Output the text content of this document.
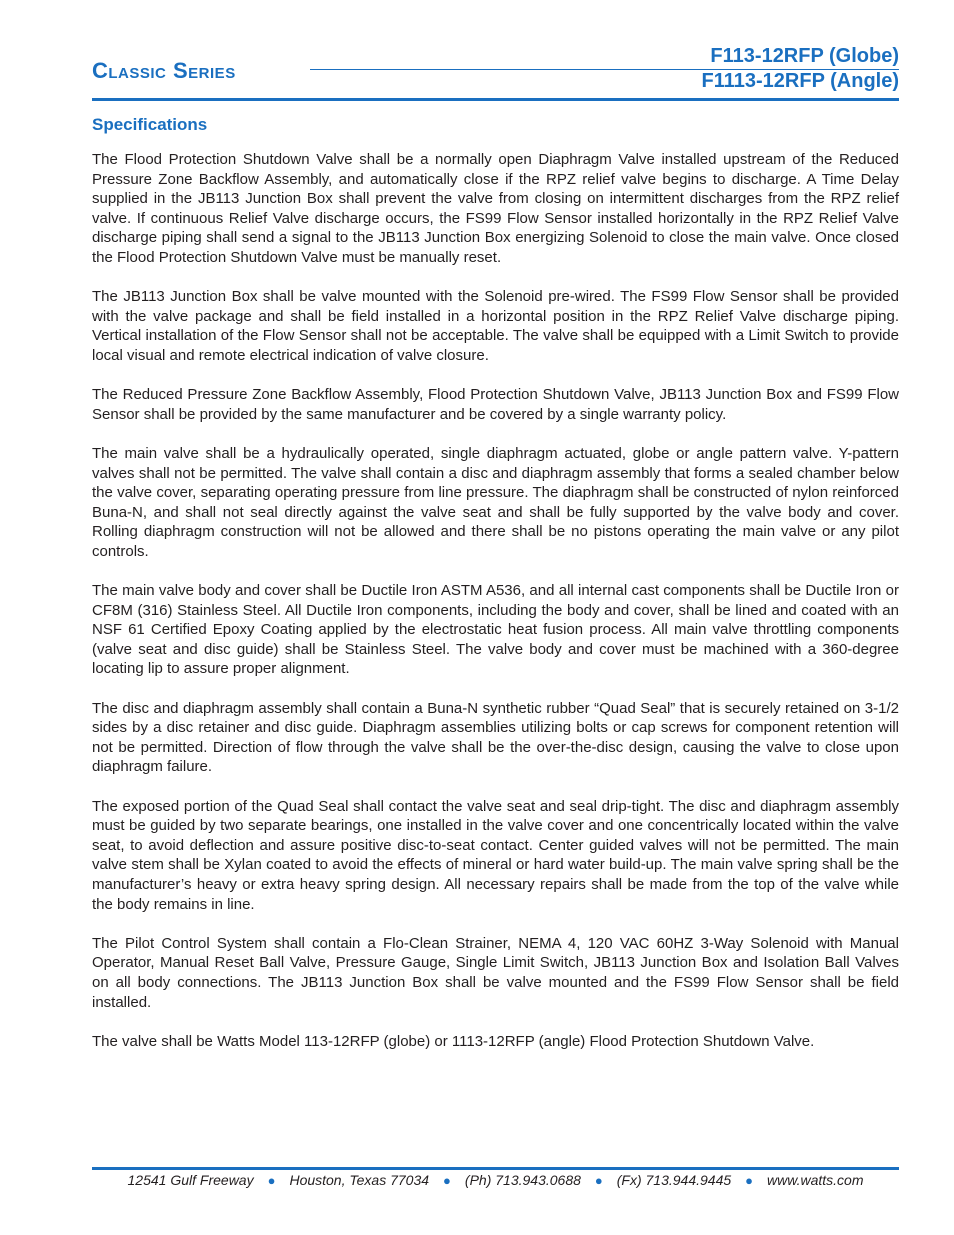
Classic Series
F113-12RFP (Globe)
F1113-12RFP (Angle)
Specifications

The Flood Protection Shutdown Valve shall be a normally open Diaphragm Valve installed upstream of the Reduced Pressure Zone Backflow Assembly, and automatically close if the RPZ relief valve begins to discharge. A Time Delay supplied in the JB113 Junction Box shall prevent the valve from closing on intermittent discharges from the RPZ relief valve. If continuous Relief Valve discharge occurs, the FS99 Flow Sensor installed horizontally in the RPZ Relief Valve discharge piping shall send a signal to the JB113 Junction Box energizing Solenoid to close the main valve. Once closed the Flood Protection Shutdown Valve must be manually reset.

The JB113 Junction Box shall be valve mounted with the Solenoid pre-wired. The FS99 Flow Sensor shall be provided with the valve package and shall be field installed in a horizontal position in the RPZ Relief Valve discharge piping. Vertical installation of the Flow Sensor shall not be acceptable. The valve shall be equipped with a Limit Switch to provide local visual and remote electrical indication of valve closure.

The Reduced Pressure Zone Backflow Assembly, Flood Protection Shutdown Valve, JB113 Junction Box and FS99 Flow Sensor shall be provided by the same manufacturer and be covered by a single warranty policy.

The main valve shall be a hydraulically operated, single diaphragm actuated, globe or angle pattern valve. Y-pattern valves shall not be permitted. The valve shall contain a disc and diaphragm assembly that forms a sealed chamber below the valve cover, separating operating pressure from line pressure. The diaphragm shall be constructed of nylon reinforced Buna-N, and shall not seal directly against the valve seat and shall be fully supported by the valve body and cover. Rolling diaphragm construction will not be allowed and there shall be no pistons operating the main valve or any pilot controls.

The main valve body and cover shall be Ductile Iron ASTM A536, and all internal cast components shall be Ductile Iron or CF8M (316) Stainless Steel. All Ductile Iron components, including the body and cover, shall be lined and coated with an NSF 61 Certified Epoxy Coating applied by the electrostatic heat fusion process. All main valve throttling components (valve seat and disc guide) shall be Stainless Steel. The valve body and cover must be machined with a 360-degree locating lip to assure proper alignment.

The disc and diaphragm assembly shall contain a Buna-N synthetic rubber “Quad Seal” that is securely retained on 3-1/2 sides by a disc retainer and disc guide. Diaphragm assemblies utilizing bolts or cap screws for component retention will not be permitted. Direction of flow through the valve shall be the over-the-disc design, causing the valve to close upon diaphragm failure.

The exposed portion of the Quad Seal shall contact the valve seat and seal drip-tight. The disc and diaphragm assembly must be guided by two separate bearings, one installed in the valve cover and one concentrically located within the valve seat, to avoid deflection and assure positive disc-to-seat contact. Center guided valves will not be permitted. The main valve stem shall be Xylan coated to avoid the effects of mineral or hard water build-up. The main valve spring shall be the manufacturer’s heavy or extra heavy spring design. All necessary repairs shall be made from the top of the valve while the body remains in line.

The Pilot Control System shall contain a Flo-Clean Strainer, NEMA 4, 120 VAC 60HZ 3-Way Solenoid with Manual Operator, Manual Reset Ball Valve, Pressure Gauge, Single Limit Switch, JB113 Junction Box and Isolation Ball Valves on all body connections. The JB113 Junction Box shall be valve mounted and the FS99 Flow Sensor shall be field installed.

The valve shall be Watts Model 113-12RFP (globe) or 1113-12RFP (angle) Flood Protection Shutdown Valve.

12541 Gulf Freeway ● Houston, Texas 77034 ● (Ph) 713.943.0688 ● (Fx) 713.944.9445 ● www.watts.com
